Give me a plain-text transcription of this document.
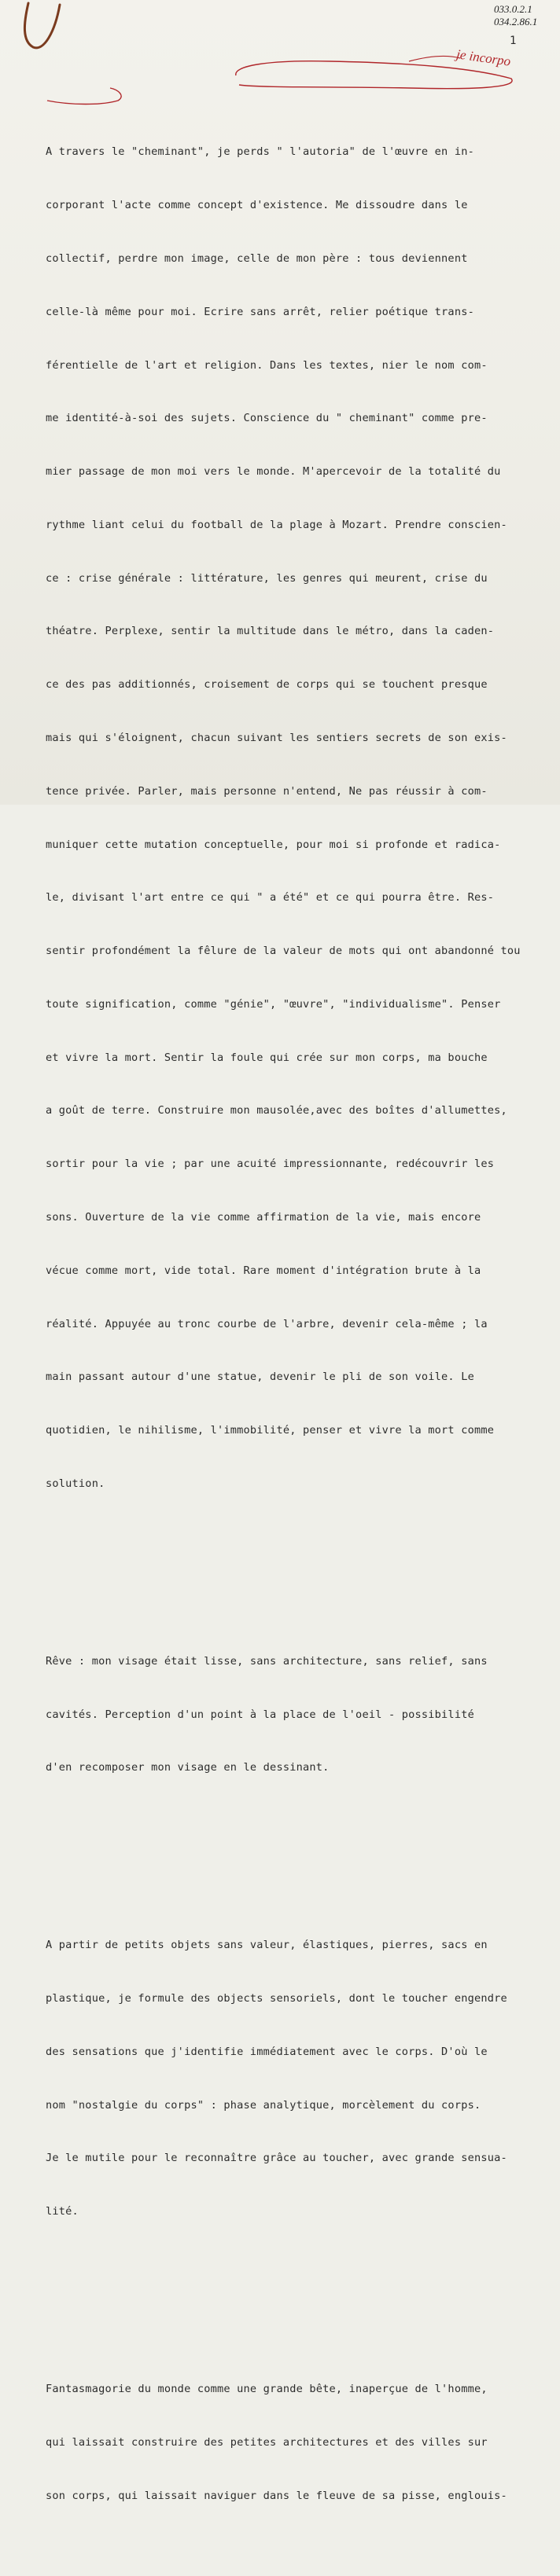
033.0.2.1
034.2.86.1
1
je incorpo

A travers le "cheminant", je perds " l'autoria" de l'œuvre en in-

corporant l'acte comme concept d'existence. Me dissoudre dans le

collectif, perdre mon image, celle de mon père : tous deviennent

celle-là même pour moi. Ecrire sans arrêt, relier poétique trans-

férentielle de l'art et religion. Dans les textes, nier le nom com-

me identité-à-soi des sujets. Conscience du " cheminant" comme pre-

mier passage de mon moi vers le monde. M'apercevoir de la totalité du

rythme liant celui du football de la plage à Mozart. Prendre conscien-

ce : crise générale : littérature, les genres qui meurent, crise du

théatre. Perplexe, sentir la multitude dans le métro, dans la caden-

ce des pas additionnés, croisement de corps qui se touchent presque

mais qui s'éloignent, chacun suivant les sentiers secrets de son exis-

tence privée. Parler, mais personne n'entend, Ne pas réussir à com-

muniquer cette mutation conceptuelle, pour moi si profonde et radica-

le, divisant l'art entre ce qui " a été" et ce qui pourra être. Res-

sentir profondément la fêlure de la valeur de mots qui ont abandonné tou

toute signification, comme "génie", "œuvre", "individualisme". Penser

et vivre la mort. Sentir la foule qui crée sur mon corps, ma bouche

a goût de terre. Construire mon mausolée,avec des boîtes d'allumettes,

sortir pour la vie ; par une acuité impressionnante, redécouvrir les

sons. Ouverture de la vie comme affirmation de la vie, mais encore

vécue comme mort, vide total. Rare moment d'intégration brute à la

réalité. Appuyée au tronc courbe de l'arbre, devenir cela-même ; la

main passant autour d'une statue, devenir le pli de son voile. Le

quotidien, le nihilisme, l'immobilité, penser et vivre la mort comme

solution.

Rêve : mon visage était lisse, sans architecture, sans relief, sans

cavités. Perception d'un point à la place de l'oeil - possibilité

d'en recomposer mon visage en le dessinant.

A partir de petits objets sans valeur, élastiques, pierres, sacs en

plastique, je formule des objects sensoriels, dont le toucher engendre

des sensations que j'identifie immédiatement avec le corps. D'où le

nom "nostalgie du corps" : phase analytique, morcèlement du corps.

Je le mutile pour le reconnaître grâce au toucher, avec grande sensua-

lité.

Fantasmagorie du monde comme une grande bête, inaperçue de l'homme,

qui laissait construire des petites architectures et des villes sur

son corps, qui laissait naviguer dans le fleuve de sa pisse, englouis-
